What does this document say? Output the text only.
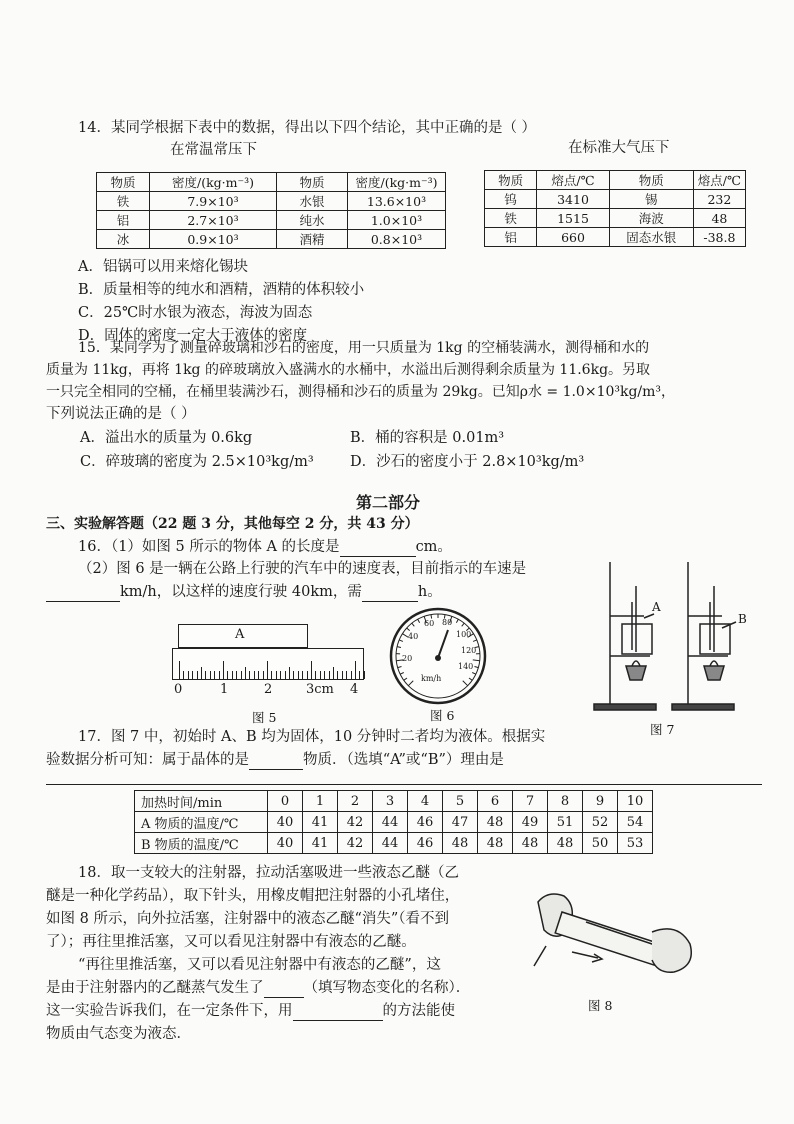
14．某同学根据下表中的数据，得出以下四个结论，其中正确的是（ ）
在常温常压下	在标准大气压下
物质	密度/(kg·m⁻³)	物质	密度/(kg·m⁻³)
铁	7.9×10³	水银	13.6×10³
铝	2.7×10³	纯水	1.0×10³
冰	0.9×10³	酒精	0.8×10³
物质	熔点/℃	物质	熔点/℃
钨	3410	锡	232
铁	1515	海波	48
铝	660	固态水银	-38.8
A．铝锅可以用来熔化锡块
B．质量相等的纯水和酒精，酒精的体积较小
C．25℃时水银为液态，海波为固态
D．固体的密度一定大于液体的密度
15．某同学为了测量碎玻璃和沙石的密度，用一只质量为 1kg 的空桶装满水，测得桶和水的
质量为 11kg，再将 1kg 的碎玻璃放入盛满水的水桶中，水溢出后测得剩余质量为 11.6kg。另取
一只完全相同的空桶，在桶里装满沙石，测得桶和沙石的质量为 29kg。已知ρ水 = 1.0×10³kg/m³，
下列说法正确的是（ ）
A．溢出水的质量为 0.6kg	B．桶的容积是 0.01m³
C．碎玻璃的密度为 2.5×10³kg/m³	D．沙石的密度小于 2.8×10³kg/m³
第二部分
三、实验解答题（22 题 3 分，其他每空 2 分，共 43 分）
16．（1）如图 5 所示的物体 A 的长度是	cm。
（2）图 6 是一辆在公路上行驶的汽车中的速度表，目前指示的车速是
km/h，以这样的速度行驶 40km，需	h。
A
0	1	2	3cm 4
图 5
km/h
20
40
60 80
100
120
140
图 6
A
B
图 7
17．图 7 中，初始时 A、B 均为固体，10 分钟时二者均为液体。根据实
验数据分析可知：属于晶体的是	物质．（选填“A”或“B”）理由是
加热时间/min	0	1	2	3	4	5	6	7	8	9	10
A 物质的温度/℃	40	41	42	44	46	47	48	49	51	52	54
B 物质的温度/℃	40	41	42	44	46	48	48	48	48	50	53
18．取一支较大的注射器，拉动活塞吸进一些液态乙醚（乙
醚是一种化学药品），取下针头，用橡皮帽把注射器的小孔堵住，
如图 8 所示，向外拉活塞，注射器中的液态乙醚“消失”（看不到
了）；再往里推活塞，又可以看见注射器中有液态的乙醚。
“再往里推活塞，又可以看见注射器中有液态的乙醚”，这
是由于注射器内的乙醚蒸气发生了	（填写物态变化的名称）．
这一实验告诉我们，在一定条件下，用	的方法能使
物质由气态变为液态．
图 8
